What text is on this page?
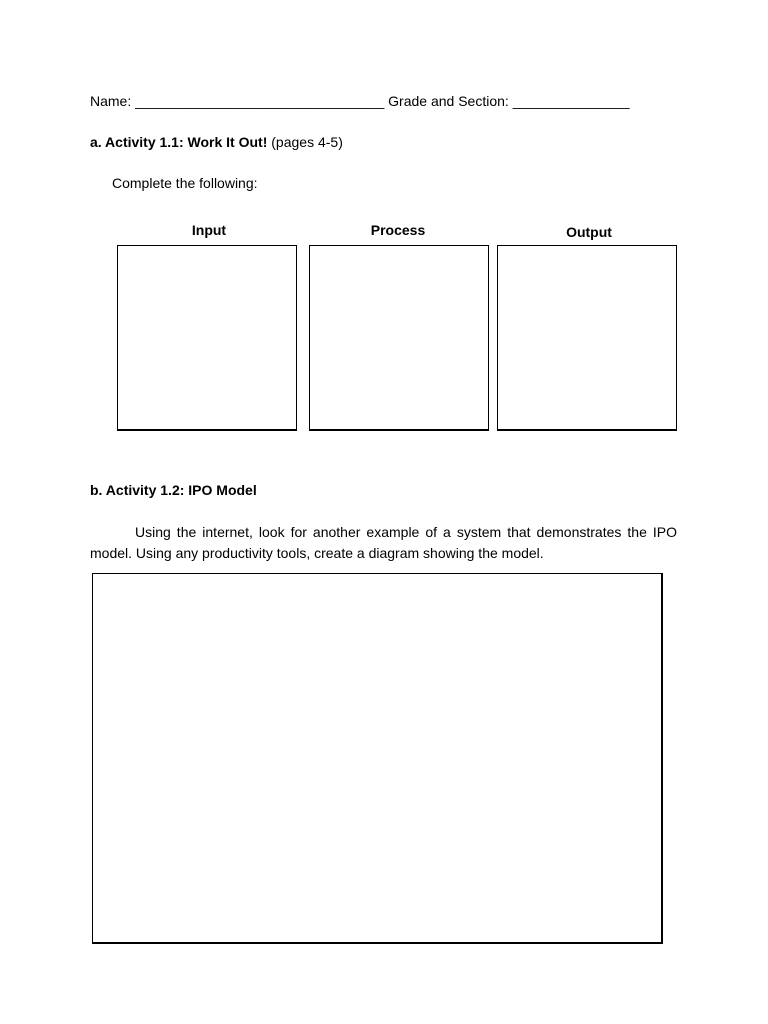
Name: ________________________________ Grade and Section: _______________
a. Activity 1.1: Work It Out! (pages 4-5)
Complete the following:
Input	Process	Output
b. Activity 1.2: IPO Model
Using the internet, look for another example of a system that demonstrates the IPO model. Using any productivity tools, create a diagram showing the model.
